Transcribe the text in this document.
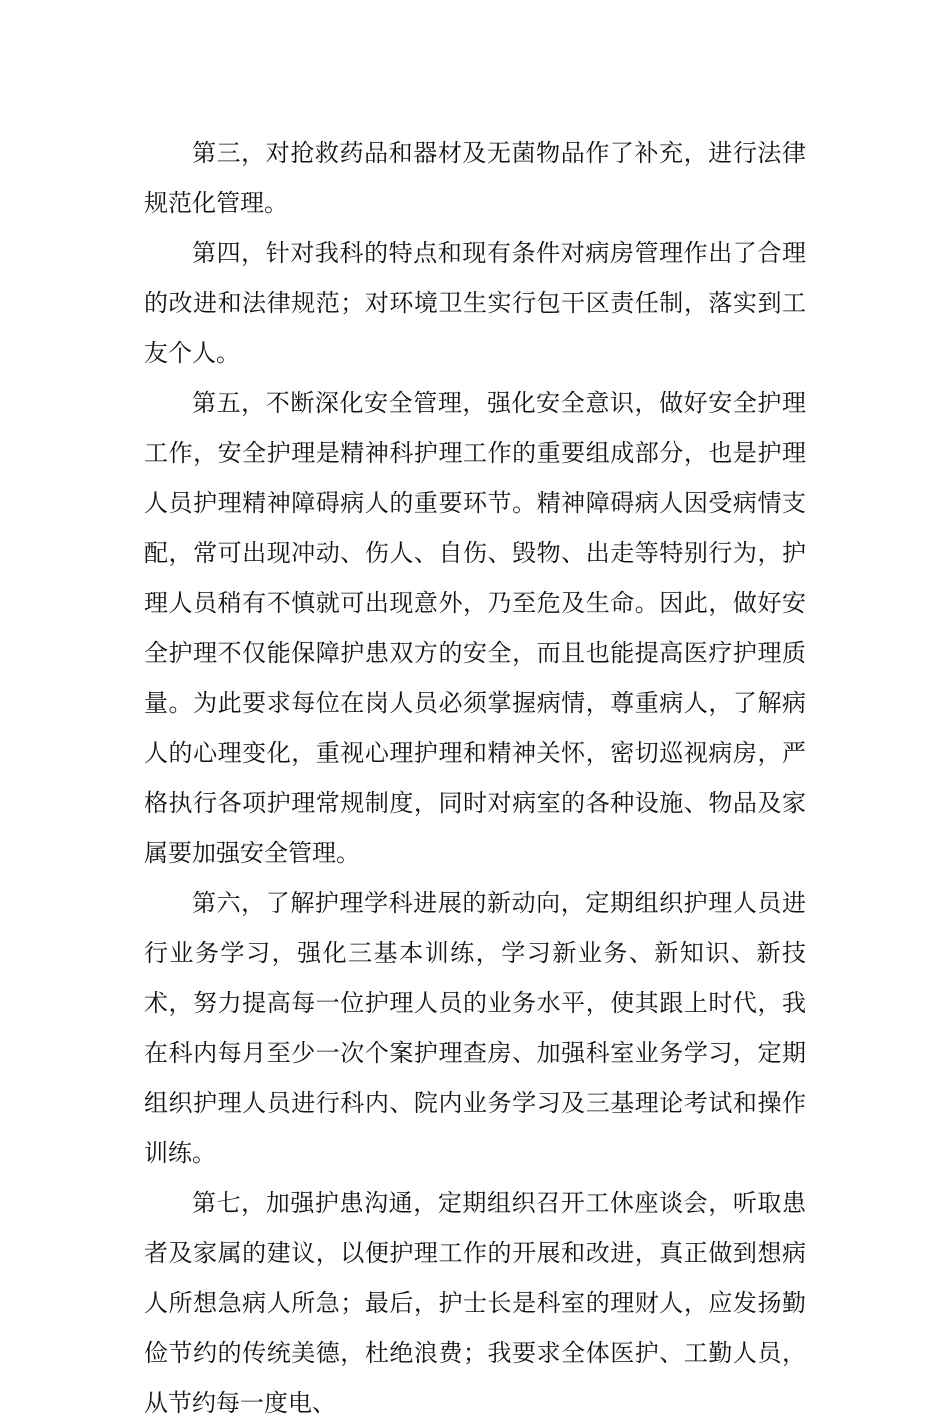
第三，对抢救药品和器材及无菌物品作了补充，进行法律规范化管理。

第四，针对我科的特点和现有条件对病房管理作出了合理的改进和法律规范；对环境卫生实行包干区责任制，落实到工友个人。

第五，不断深化安全管理，强化安全意识，做好安全护理工作，安全护理是精神科护理工作的重要组成部分，也是护理人员护理精神障碍病人的重要环节。精神障碍病人因受病情支配，常可出现冲动、伤人、自伤、毁物、出走等特别行为，护理人员稍有不慎就可出现意外，乃至危及生命。因此，做好安全护理不仅能保障护患双方的安全，而且也能提高医疗护理质量。为此要求每位在岗人员必须掌握病情，尊重病人，了解病人的心理变化，重视心理护理和精神关怀，密切巡视病房，严格执行各项护理常规制度，同时对病室的各种设施、物品及家属要加强安全管理。

第六，了解护理学科进展的新动向，定期组织护理人员进行业务学习，强化三基本训练，学习新业务、新知识、新技术，努力提高每一位护理人员的业务水平，使其跟上时代，我在科内每月至少一次个案护理查房、加强科室业务学习，定期组织护理人员进行科内、院内业务学习及三基理论考试和操作训练。

第七，加强护患沟通，定期组织召开工休座谈会，听取患者及家属的建议，以便护理工作的开展和改进，真正做到想病人所想急病人所急；最后，护士长是科室的理财人，应发扬勤俭节约的传统美德，杜绝浪费；我要求全体医护、工勤人员，从节约每一度电、
